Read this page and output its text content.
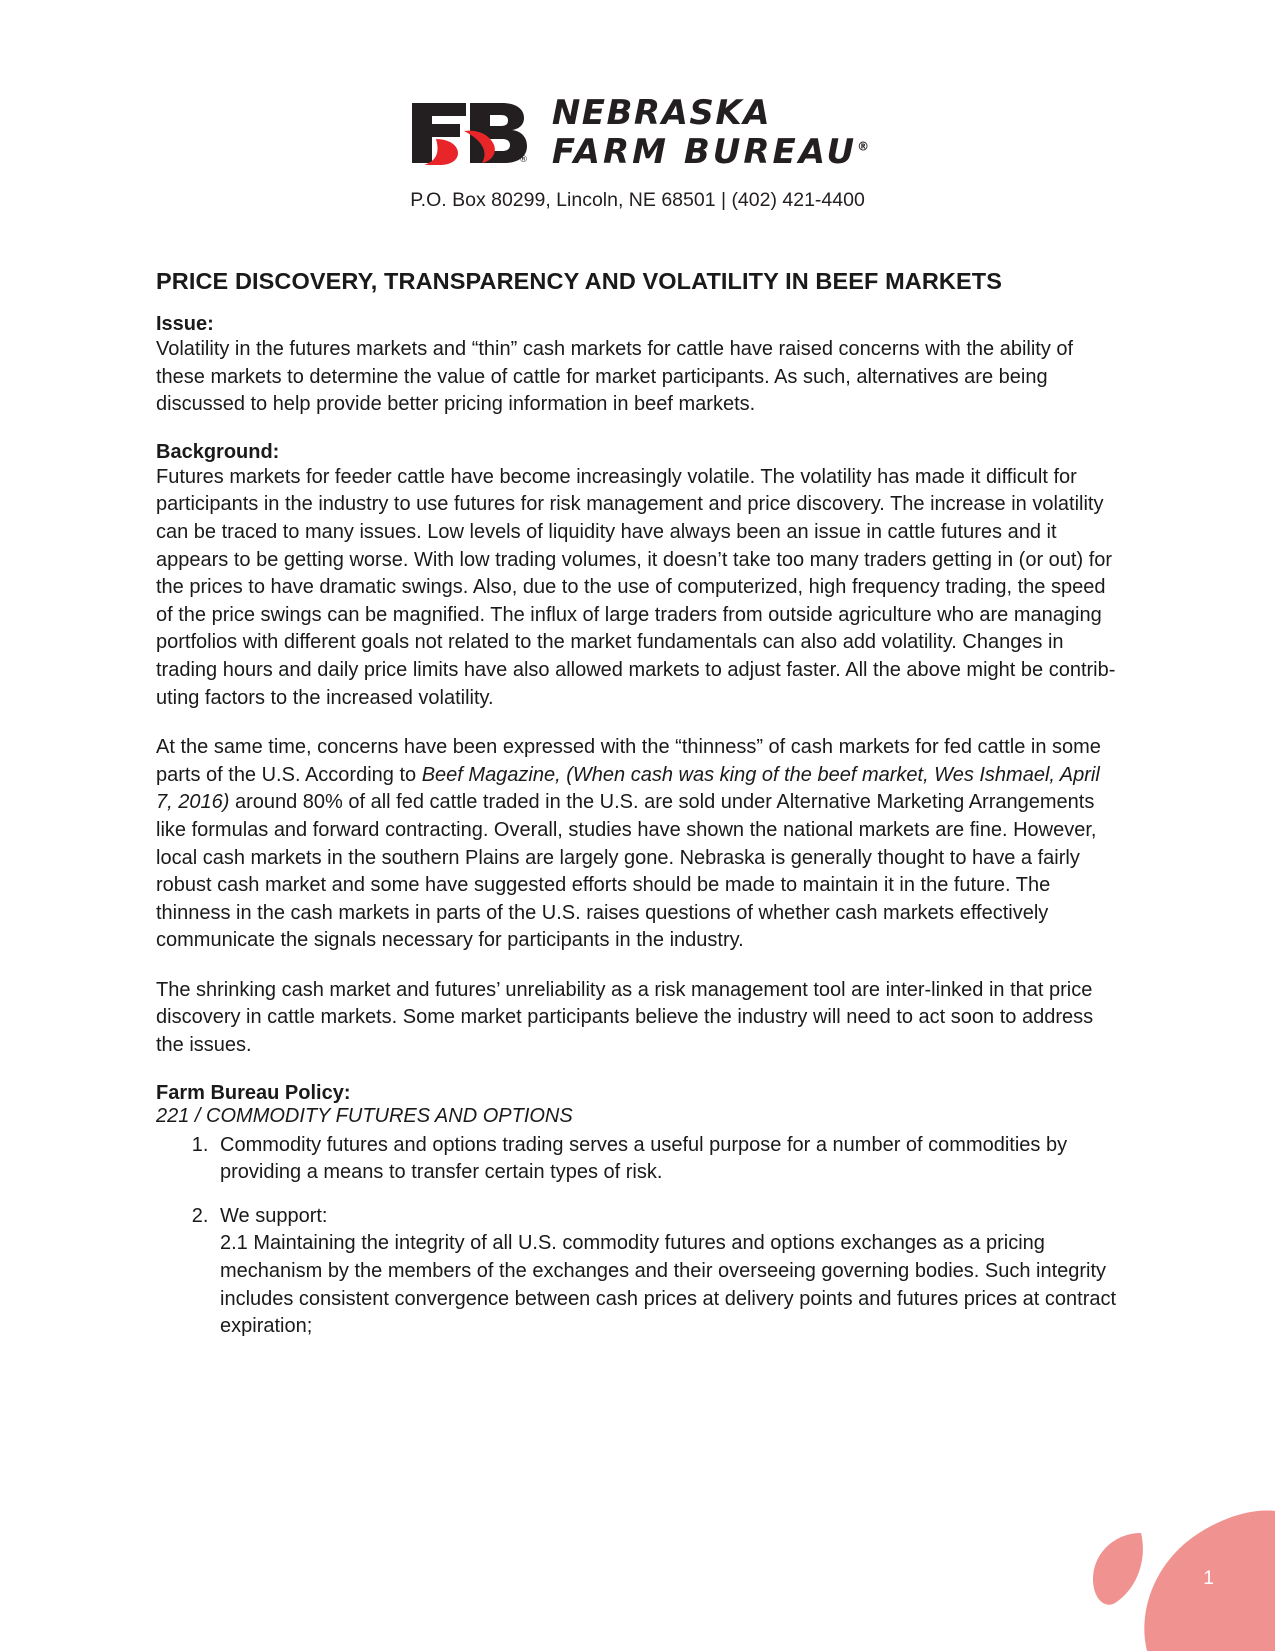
®
NEBRASKA
FARM BUREAU®
P.O. Box 80299, Lincoln, NE 68501 | (402) 421-4400
PRICE DISCOVERY, TRANSPARENCY AND VOLATILITY IN BEEF MARKETS

Issue:

Volatility in the futures markets and “thin” cash markets for cattle have raised concerns with the ability of these markets to determine the value of cattle for market participants. As such, alternatives are being discussed to help provide better pricing information in beef markets.

Background:

Futures markets for feeder cattle have become increasingly volatile. The volatility has made it difficult for participants in the industry to use futures for risk management and price discovery. The increase in volatility can be traced to many issues. Low levels of liquidity have always been an issue in cattle futures and it appears to be getting worse. With low trading volumes, it doesn’t take too many traders getting in (or out) for the prices to have dramatic swings. Also, due to the use of computerized, high frequency trading, the speed of the price swings can be magnified. The influx of large traders from outside agriculture who are managing portfolios with different goals not related to the market fundamentals can also add volatility. Changes in trading hours and daily price limits have also allowed markets to adjust faster. All the above might be contrib-uting factors to the increased volatility.

At the same time, concerns have been expressed with the “thinness” of cash markets for fed cattle in some parts of the U.S. According to Beef Magazine, (When cash was king of the beef market, Wes Ishmael, April 7, 2016) around 80% of all fed cattle traded in the U.S. are sold under Alternative Marketing Arrangements like formulas and forward contracting. Overall, studies have shown the national markets are fine. However, local cash markets in the southern Plains are largely gone. Nebraska is generally thought to have a fairly robust cash market and some have suggested efforts should be made to maintain it in the future. The thinness in the cash markets in parts of the U.S. raises questions of whether cash markets effectively communicate the signals necessary for participants in the industry.

The shrinking cash market and futures’ unreliability as a risk management tool are inter-linked in that price discovery in cattle markets. Some market participants believe the industry will need to act soon to address the issues.

Farm Bureau Policy:

221 / COMMODITY FUTURES AND OPTIONS

1. Commodity futures and options trading serves a useful purpose for a number of commodities by providing a means to transfer certain types of risk.
2. We support:
2.1 Maintaining the integrity of all U.S. commodity futures and options exchanges as a pricing mechanism by the members of the exchanges and their overseeing governing bodies. Such integrity includes consistent convergence between cash prices at delivery points and futures prices at contract expiration;
1
